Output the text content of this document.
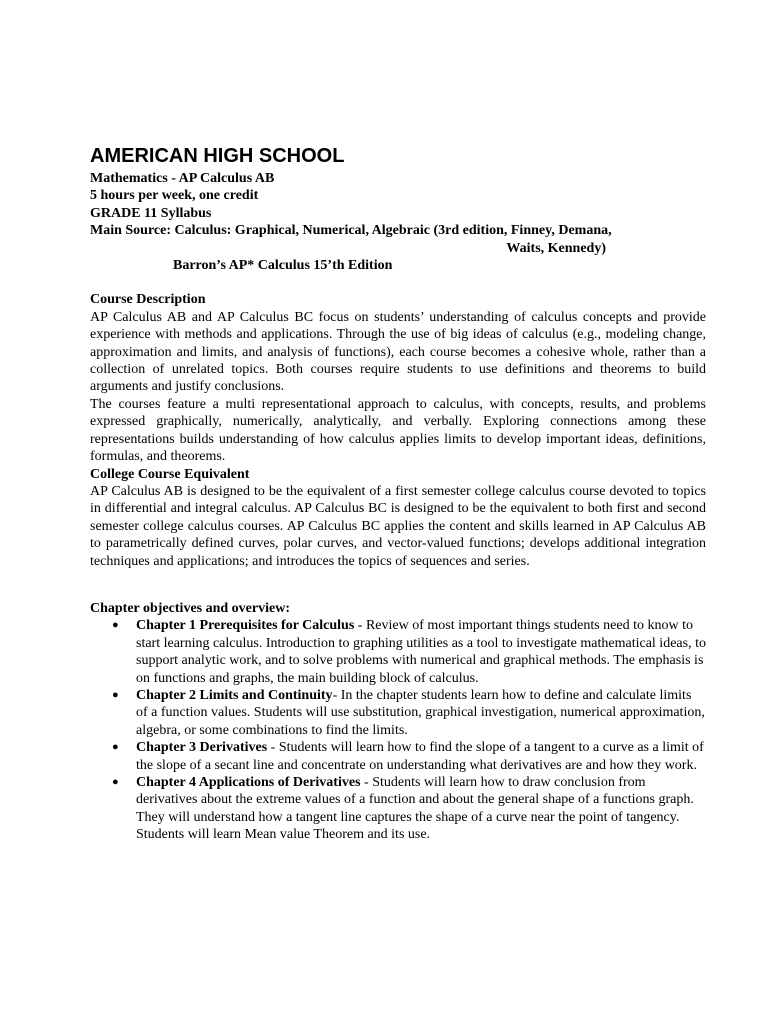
AMERICAN HIGH SCHOOL
Mathematics - AP Calculus AB
5 hours per week, one credit
GRADE 11 Syllabus
Main Source: Calculus: Graphical, Numerical, Algebraic (3rd edition, Finney, Demana,
Waits, Kennedy)
Barron’s AP* Calculus 15’th Edition
Course Description

AP Calculus AB and AP Calculus BC focus on students’ understanding of calculus concepts and provide experience with methods and applications. Through the use of big ideas of calculus (e.g., modeling change, approximation and limits, and analysis of functions), each course becomes a cohesive whole, rather than a collection of unrelated topics. Both courses require students to use definitions and theorems to build arguments and justify conclusions.

The courses feature a multi representational approach to calculus, with concepts, results, and problems expressed graphically, numerically, analytically, and verbally. Exploring connections among these representations builds understanding of how calculus applies limits to develop important ideas, definitions, formulas, and theorems.

College Course Equivalent

AP Calculus AB is designed to be the equivalent of a first semester college calculus course devoted to topics in differential and integral calculus. AP Calculus BC is designed to be the equivalent to both first and second semester college calculus courses. AP Calculus BC applies the content and skills learned in AP Calculus AB to parametrically defined curves, polar curves, and vector-valued functions; develops additional integration techniques and applications; and introduces the topics of sequences and series.

Chapter objectives and overview:
● Chapter 1 Prerequisites for Calculus - Review of most important things students need to know to start learning calculus. Introduction to graphing utilities as a tool to investigate mathematical ideas, to support analytic work, and to solve problems with numerical and graphical methods. The emphasis is on functions and graphs, the main building block of calculus.
● Chapter 2 Limits and Continuity- In the chapter students learn how to define and calculate limits of a function values. Students will use substitution, graphical investigation, numerical approximation, algebra, or some combinations to find the limits.
● Chapter 3 Derivatives - Students will learn how to find the slope of a tangent to a curve as a limit of the slope of a secant line and concentrate on understanding what derivatives are and how they work.
● Chapter 4 Applications of Derivatives - Students will learn how to draw conclusion from derivatives about the extreme values of a function and about the general shape of a functions graph. They will understand how a tangent line captures the shape of a curve near the point of tangency. Students will learn Mean value Theorem and its use.
